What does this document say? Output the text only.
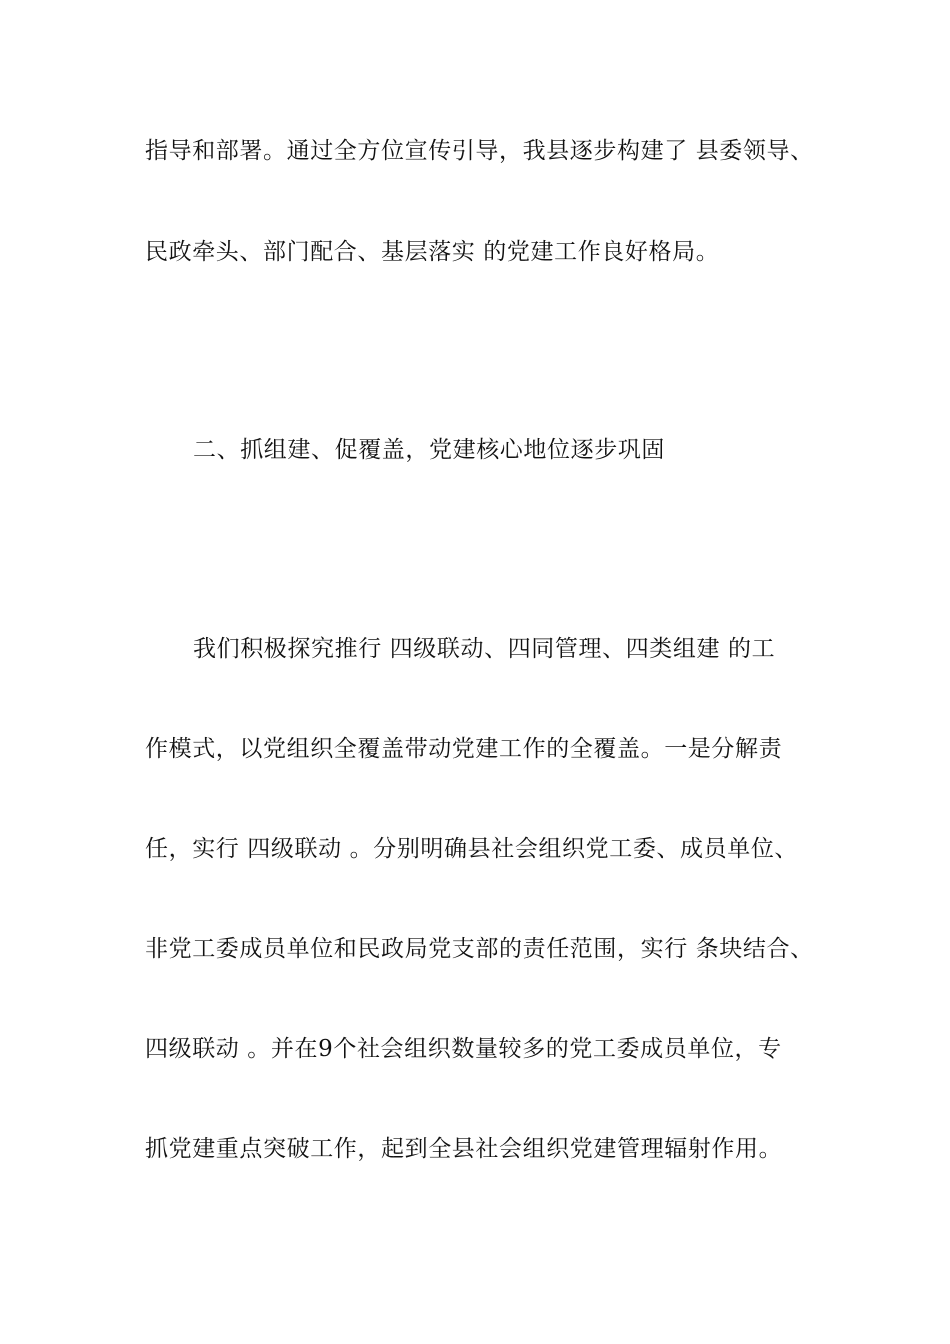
指导和部署。通过全方位宣传引导，我县逐步构建了 县委领导、
民政牵头、部门配合、基层落实 的党建工作良好格局。
二、抓组建、促覆盖，党建核心地位逐步巩固
我们积极探究推行 四级联动、四同管理、四类组建 的工
作模式，以党组织全覆盖带动党建工作的全覆盖。一是分解责
任，实行 四级联动 。分别明确县社会组织党工委、成员单位、
非党工委成员单位和民政局党支部的责任范围，实行 条块结合、
四级联动 。并在9个社会组织数量较多的党工委成员单位，专
抓党建重点突破工作，起到全县社会组织党建管理辐射作用。
